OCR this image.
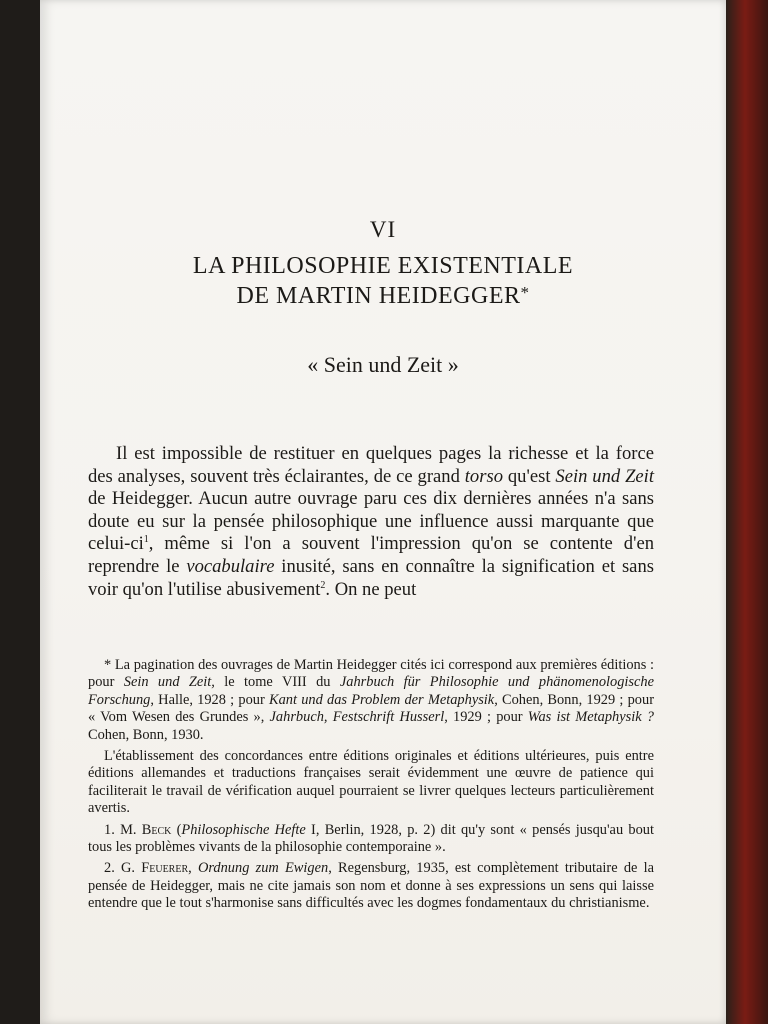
VI
LA PHILOSOPHIE EXISTENTIALE
DE MARTIN HEIDEGGER*
« Sein und Zeit »

Il est impossible de restituer en quelques pages la richesse et la force des analyses, souvent très éclairantes, de ce grand torso qu'est Sein und Zeit de Heidegger. Aucun autre ouvrage paru ces dix dernières années n'a sans doute eu sur la pensée philosophique une influence aussi marquante que celui-$ci^1$, même si l'on a souvent l'impression qu'on se contente d'en reprendre le vocabulaire inusité, sans en connaître la signification et sans voir qu'on l'utilise abusivement$^2$. On ne peut

* La pagination des ouvrages de Martin Heidegger cités ici correspond aux premières éditions : pour Sein und Zeit, le tome VIII du Jahrbuch für Philosophie und phänomenologische Forschung, Halle, 1928 ; pour Kant und das Problem der Metaphysik, Cohen, Bonn, 1929 ; pour « Vom Wesen des Grundes », Jahrbuch, Festschrift Husserl, 1929 ; pour Was ist Metaphysik ? Cohen, Bonn, 1930.

L'établissement des concordances entre éditions originales et éditions ultérieures, puis entre éditions allemandes et traductions françaises serait évidemment une œuvre de patience qui faciliterait le travail de vérification auquel pourraient se livrer quelques lecteurs particulièrement avertis.

1. M. Beck (Philosophische Hefte I, Berlin, 1928, p. 2) dit qu'y sont « pensés jusqu'au bout tous les problèmes vivants de la philosophie contemporaine ».

2. G. Feuerer, Ordnung zum Ewigen, Regensburg, 1935, est complètement tributaire de la pensée de Heidegger, mais ne cite jamais son nom et donne à ses expressions un sens qui laisse entendre que le tout s'harmonise sans difficultés avec les dogmes fondamentaux du christianisme.
